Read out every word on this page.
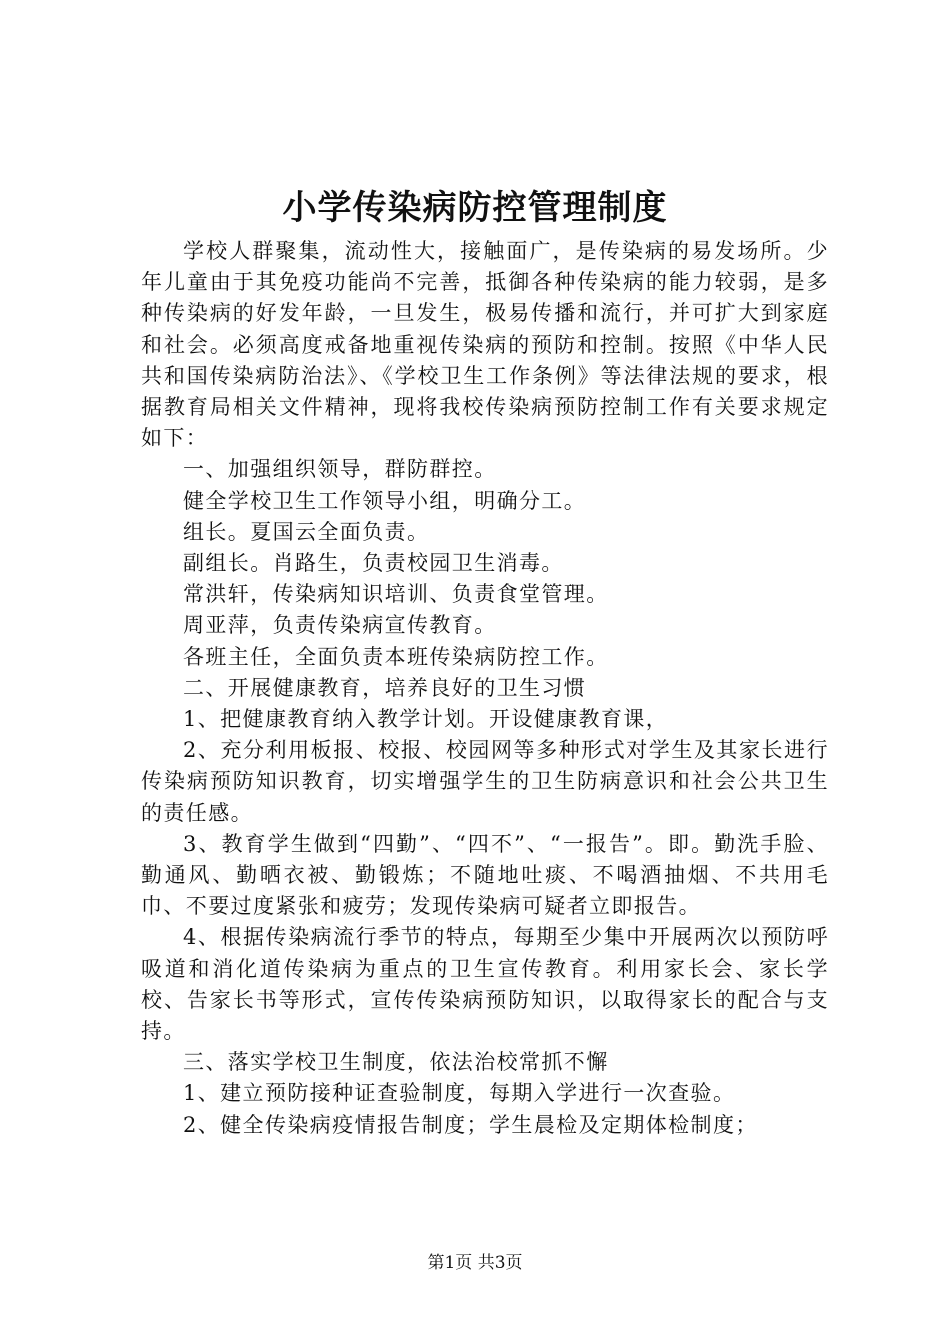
小学传染病防控管理制度

学校人群聚集，流动性大，接触面广，是传染病的易发场所。少年儿童由于其免疫功能尚不完善，抵御各种传染病的能力较弱，是多种传染病的好发年龄，一旦发生，极易传播和流行，并可扩大到家庭和社会。必须高度戒备地重视传染病的预防和控制。按照《中华人民共和国传染病防治法》、《学校卫生工作条例》等法律法规的要求，根据教育局相关文件精神，现将我校传染病预防控制工作有关要求规定如下：

一、加强组织领导，群防群控。

健全学校卫生工作领导小组，明确分工。

组长。夏国云全面负责。

副组长。肖路生，负责校园卫生消毒。

常洪轩，传染病知识培训、负责食堂管理。

周亚萍，负责传染病宣传教育。

各班主任，全面负责本班传染病防控工作。

二、开展健康教育，培养良好的卫生习惯

1、把健康教育纳入教学计划。开设健康教育课，

2、充分利用板报、校报、校园网等多种形式对学生及其家长进行传染病预防知识教育，切实增强学生的卫生防病意识和社会公共卫生的责任感。

3、教育学生做到“四勤”、“四不”、“一报告”。即。勤洗手脸、勤通风、勤晒衣被、勤锻炼；不随地吐痰、不喝酒抽烟、不共用毛巾、不要过度紧张和疲劳；发现传染病可疑者立即报告。

4、根据传染病流行季节的特点，每期至少集中开展两次以预防呼吸道和消化道传染病为重点的卫生宣传教育。利用家长会、家长学校、告家长书等形式，宣传传染病预防知识，以取得家长的配合与支持。

三、落实学校卫生制度，依法治校常抓不懈

1、建立预防接种证查验制度，每期入学进行一次查验。

2、健全传染病疫情报告制度；学生晨检及定期体检制度；

第1页 共3页
